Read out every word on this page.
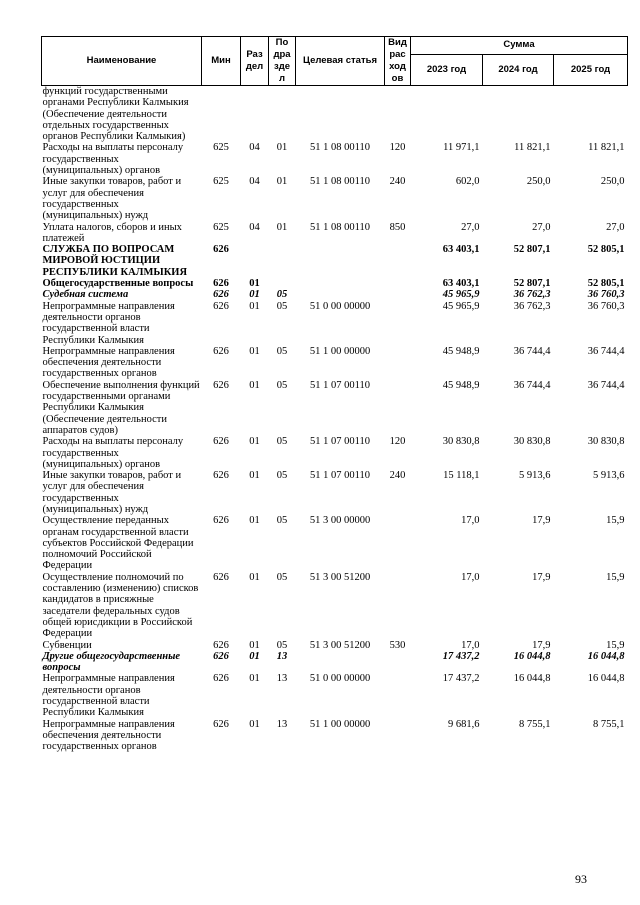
Наименование	Мин	Раз дел	По дра зде л	Целевая статья	Вид рас ход ов	Сумма		
						2023 год	2024 год	2025 год
функций государственными органами Республики Калмыкия (Обеспечение деятельности отдельных государственных органов Республики Калмыкия)								
Расходы на выплаты персоналу государственных (муниципальных) органов	625	04	01	51 1 08 00110	120	11 971,1	11 821,1	11 821,1
Иные закупки товаров, работ и услуг для обеспечения государственных (муниципальных) нужд	625	04	01	51 1 08 00110	240	602,0	250,0	250,0
Уплата налогов, сборов и иных платежей	625	04	01	51 1 08 00110	850	27,0	27,0	27,0
СЛУЖБА ПО ВОПРОСАМ МИРОВОЙ ЮСТИЦИИ РЕСПУБЛИКИ КАЛМЫКИЯ	626					63 403,1	52 807,1	52 805,1
Общегосударственные вопросы	626	01				63 403,1	52 807,1	52 805,1
Судебная система	626	01	05			45 965,9	36 762,3	36 760,3
Непрограммные направления деятельности органов государственной власти Республики Калмыкия	626	01	05	51 0 00 00000		45 965,9	36 762,3	36 760,3
Непрограммные направления обеспечения деятельности государственных органов	626	01	05	51 1 00 00000		45 948,9	36 744,4	36 744,4
Обеспечение выполнения функций государственными органами Республики Калмыкия (Обеспечение деятельности аппаратов судов)	626	01	05	51 1 07 00110		45 948,9	36 744,4	36 744,4
Расходы на выплаты персоналу государственных (муниципальных) органов	626	01	05	51 1 07 00110	120	30 830,8	30 830,8	30 830,8
Иные закупки товаров, работ и услуг для обеспечения государственных (муниципальных) нужд	626	01	05	51 1 07 00110	240	15 118,1	5 913,6	5 913,6
Осуществление переданных органам государственной власти субъектов Российской Федерации полномочий Российской Федерации	626	01	05	51 3 00 00000		17,0	17,9	15,9
Осуществление полномочий по составлению (изменению) списков кандидатов в присяжные заседатели федеральных судов общей юрисдикции в Российской Федерации	626	01	05	51 3 00 51200		17,0	17,9	15,9
Субвенции	626	01	05	51 3 00 51200	530	17,0	17,9	15,9
Другие общегосударственные вопросы	626	01	13			17 437,2	16 044,8	16 044,8
Непрограммные направления деятельности органов государственной власти Республики Калмыкия	626	01	13	51 0 00 00000		17 437,2	16 044,8	16 044,8
Непрограммные направления обеспечения деятельности государственных органов	626	01	13	51 1 00 00000		9 681,6	8 755,1	8 755,1
93
